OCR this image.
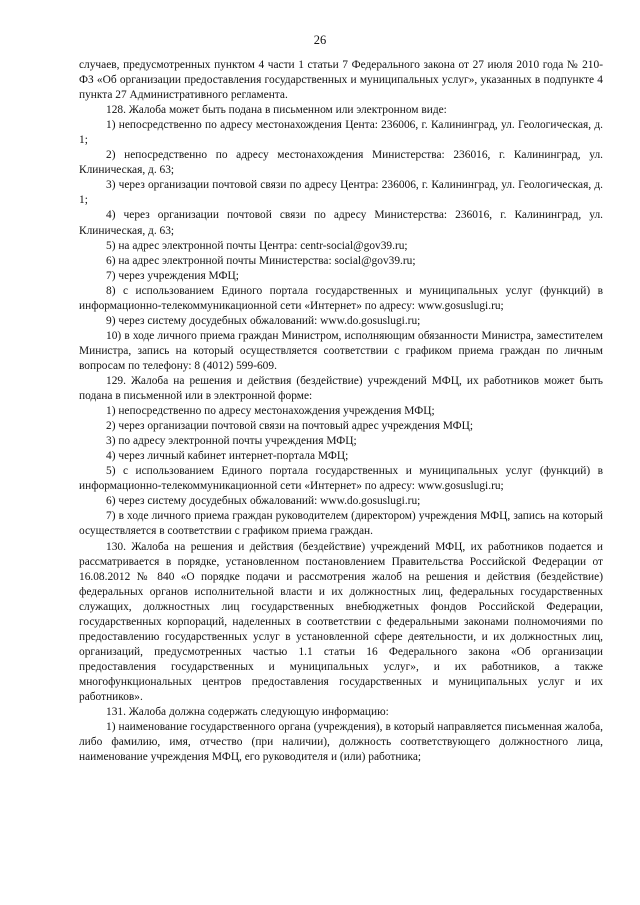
26

случаев, предусмотренных пунктом 4 части 1 статьи 7 Федерального закона от 27 июля 2010 года № 210-ФЗ «Об организации предоставления государственных и муниципальных услуг», указанных в подпункте 4 пункта 27 Административного регламента.

128. Жалоба может быть подана в письменном или электронном виде:

1) непосредственно по адресу местонахождения Цента: 236006, г. Калининград, ул. Геологическая, д. 1;

2) непосредственно по адресу местонахождения Министерства: 236016, г. Калининград, ул. Клиническая, д. 63;

3) через организации почтовой связи по адресу Центра: 236006, г. Калининград, ул. Геологическая, д. 1;

4) через организации почтовой связи по адресу Министерства: 236016, г. Калининград, ул. Клиническая, д. 63;

5) на адрес электронной почты Центра: centr-social@gov39.ru;

6) на адрес электронной почты Министерства: social@gov39.ru;

7) через учреждения МФЦ;

8) с использованием Единого портала государственных и муниципальных услуг (функций) в информационно-телекоммуникационной сети «Интернет» по адресу: www.gosuslugi.ru;

9) через систему досудебных обжалований: www.do.gosuslugi.ru;

10) в ходе личного приема граждан Министром, исполняющим обязанности Министра, заместителем Министра, запись на который осуществляется соответствии с графиком приема граждан по личным вопросам по телефону: 8 (4012) 599-609.

129. Жалоба на решения и действия (бездействие) учреждений МФЦ, их работников может быть подана в письменной или в электронной форме:

1) непосредственно по адресу местонахождения учреждения МФЦ;

2) через организации почтовой связи на почтовый адрес учреждения МФЦ;

3) по адресу электронной почты учреждения МФЦ;

4) через личный кабинет интернет-портала МФЦ;

5) с использованием Единого портала государственных и муниципальных услуг (функций) в информационно-телекоммуникационной сети «Интернет» по адресу: www.gosuslugi.ru;

6) через систему досудебных обжалований: www.do.gosuslugi.ru;

7) в ходе личного приема граждан руководителем (директором) учреждения МФЦ, запись на который осуществляется в соответствии с графиком приема граждан.

130. Жалоба на решения и действия (бездействие) учреждений МФЦ, их работников подается и рассматривается в порядке, установленном постановлением Правительства Российской Федерации от 16.08.2012 № 840 «О порядке подачи и рассмотрения жалоб на решения и действия (бездействие) федеральных органов исполнительной власти и их должностных лиц, федеральных государственных служащих, должностных лиц государственных внебюджетных фондов Российской Федерации, государственных корпораций, наделенных в соответствии с федеральными законами полномочиями по предоставлению государственных услуг в установленной сфере деятельности, и их должностных лиц, организаций, предусмотренных частью 1.1 статьи 16 Федерального закона «Об организации предоставления государственных и муниципальных услуг», и их работников, а также многофункциональных центров предоставления государственных и муниципальных услуг и их работников».

131. Жалоба должна содержать следующую информацию:

1) наименование государственного органа (учреждения), в который направляется письменная жалоба, либо фамилию, имя, отчество (при наличии), должность соответствующего должностного лица, наименование учреждения МФЦ, его руководителя и (или) работника;
